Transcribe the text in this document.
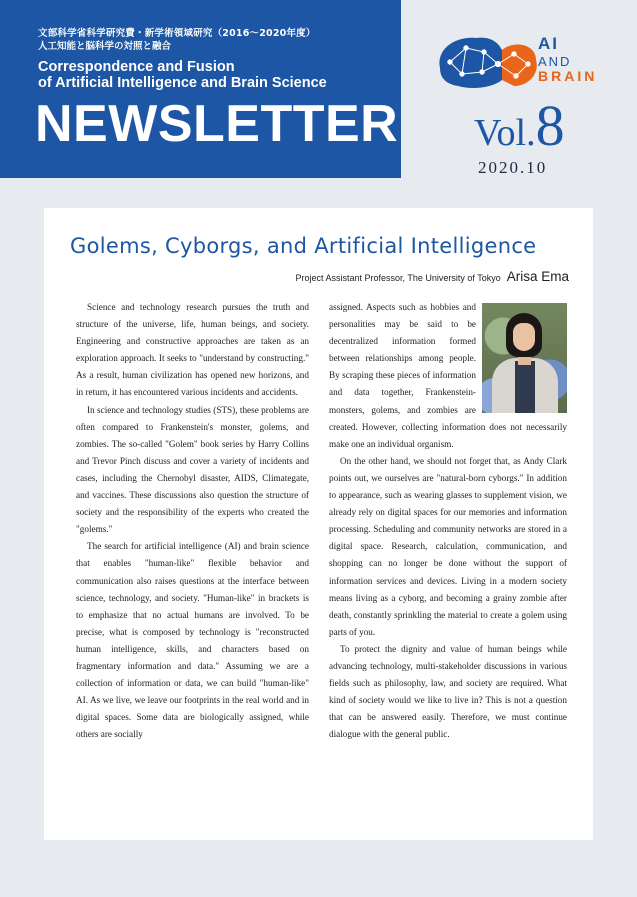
文部科学省科学研究費・新学術領域研究（2016～2020年度）
人工知能と脳科学の対照と融合
Correspondence and Fusion
of Artificial Intelligence and Brain Science
NEWSLETTER
AI
AND
BRAIN
Vol.8
2020.10
Golems, Cyborgs, and Artificial Intelligence
Project Assistant Professor, The University of Tokyo Arisa Ema

Science and technology research pursues the truth and structure of the universe, life, human beings, and society. Engineering and constructive approaches are taken as an exploration approach. It seeks to "understand by constructing." As a result, human civilization has opened new horizons, and in return, it has encountered various incidents and accidents.

In science and technology studies (STS), these problems are often compared to Frankenstein's monster, golems, and zombies. The so-called "Golem" book series by Harry Collins and Trevor Pinch discuss and cover a variety of incidents and cases, including the Chernobyl disaster, AIDS, Climategate, and vaccines. These discussions also question the structure of society and the responsibility of the experts who created the "golems."

The search for artificial intelligence (AI) and brain science that enables "human-like" flexible behavior and communication also raises questions at the interface between science, technology, and society. "Human-like" in brackets is to emphasize that no actual humans are involved. To be precise, what is composed by technology is "reconstructed human intelligence, skills, and characters based on fragmentary information and data." Assuming we are a collection of information or data, we can build "human-like" AI. As we live, we leave our footprints in the real world and in digital spaces. Some data are biologically assigned, while others are socially

assigned. Aspects such as hobbies and personalities may be said to be decentralized information formed between relationships among people. By scraping these pieces of information and data together, Frankenstein-monsters, golems, and zombies are created. However, collecting information does not necessarily make one an individual organism.

On the other hand, we should not forget that, as Andy Clark points out, we ourselves are "natural-born cyborgs." In addition to appearance, such as wearing glasses to supplement vision, we already rely on digital spaces for our memories and information processing. Scheduling and community networks are stored in a digital space. Research, calculation, communication, and shopping can no longer be done without the support of information services and devices. Living in a modern society means living as a cyborg, and becoming a grainy zombie after death, constantly sprinkling the material to create a golem using parts of you.

To protect the dignity and value of human beings while advancing technology, multi-stakeholder discussions in various fields such as philosophy, law, and society are required. What kind of society would we like to live in? This is not a question that can be answered easily. Therefore, we must continue dialogue with the general public.
